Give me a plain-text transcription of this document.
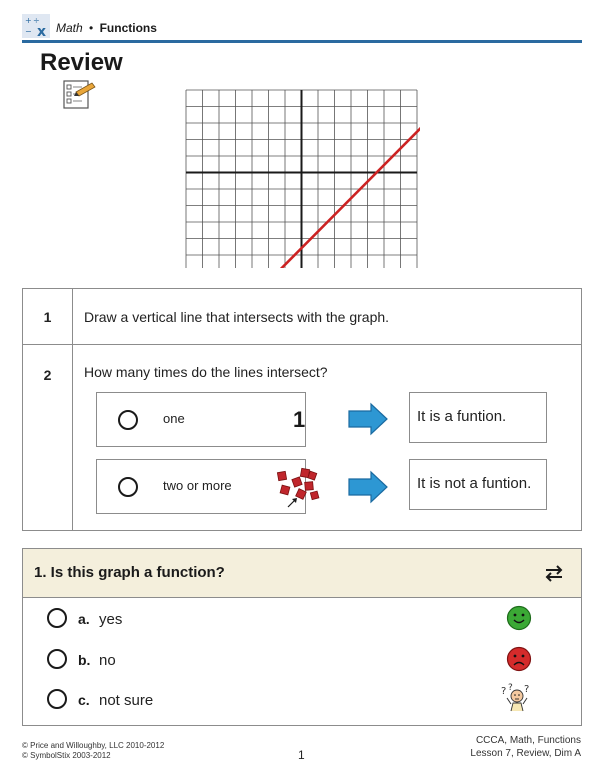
+ ÷
− x Math • Functions
Review
1	Draw a vertical line that intersects with the graph.
2	How many times do the lines intersect?
one	1	It is a funtion.
two or more	It is not a funtion.
1. Is this graph a function?
a. yes
b. no
c. not sure
? ? ?
© Price and Willoughby, LLC 2010-2012
© SymbolStix 2003-2012	1
CCCA, Math, Functions
Lesson 7, Review, Dim A
